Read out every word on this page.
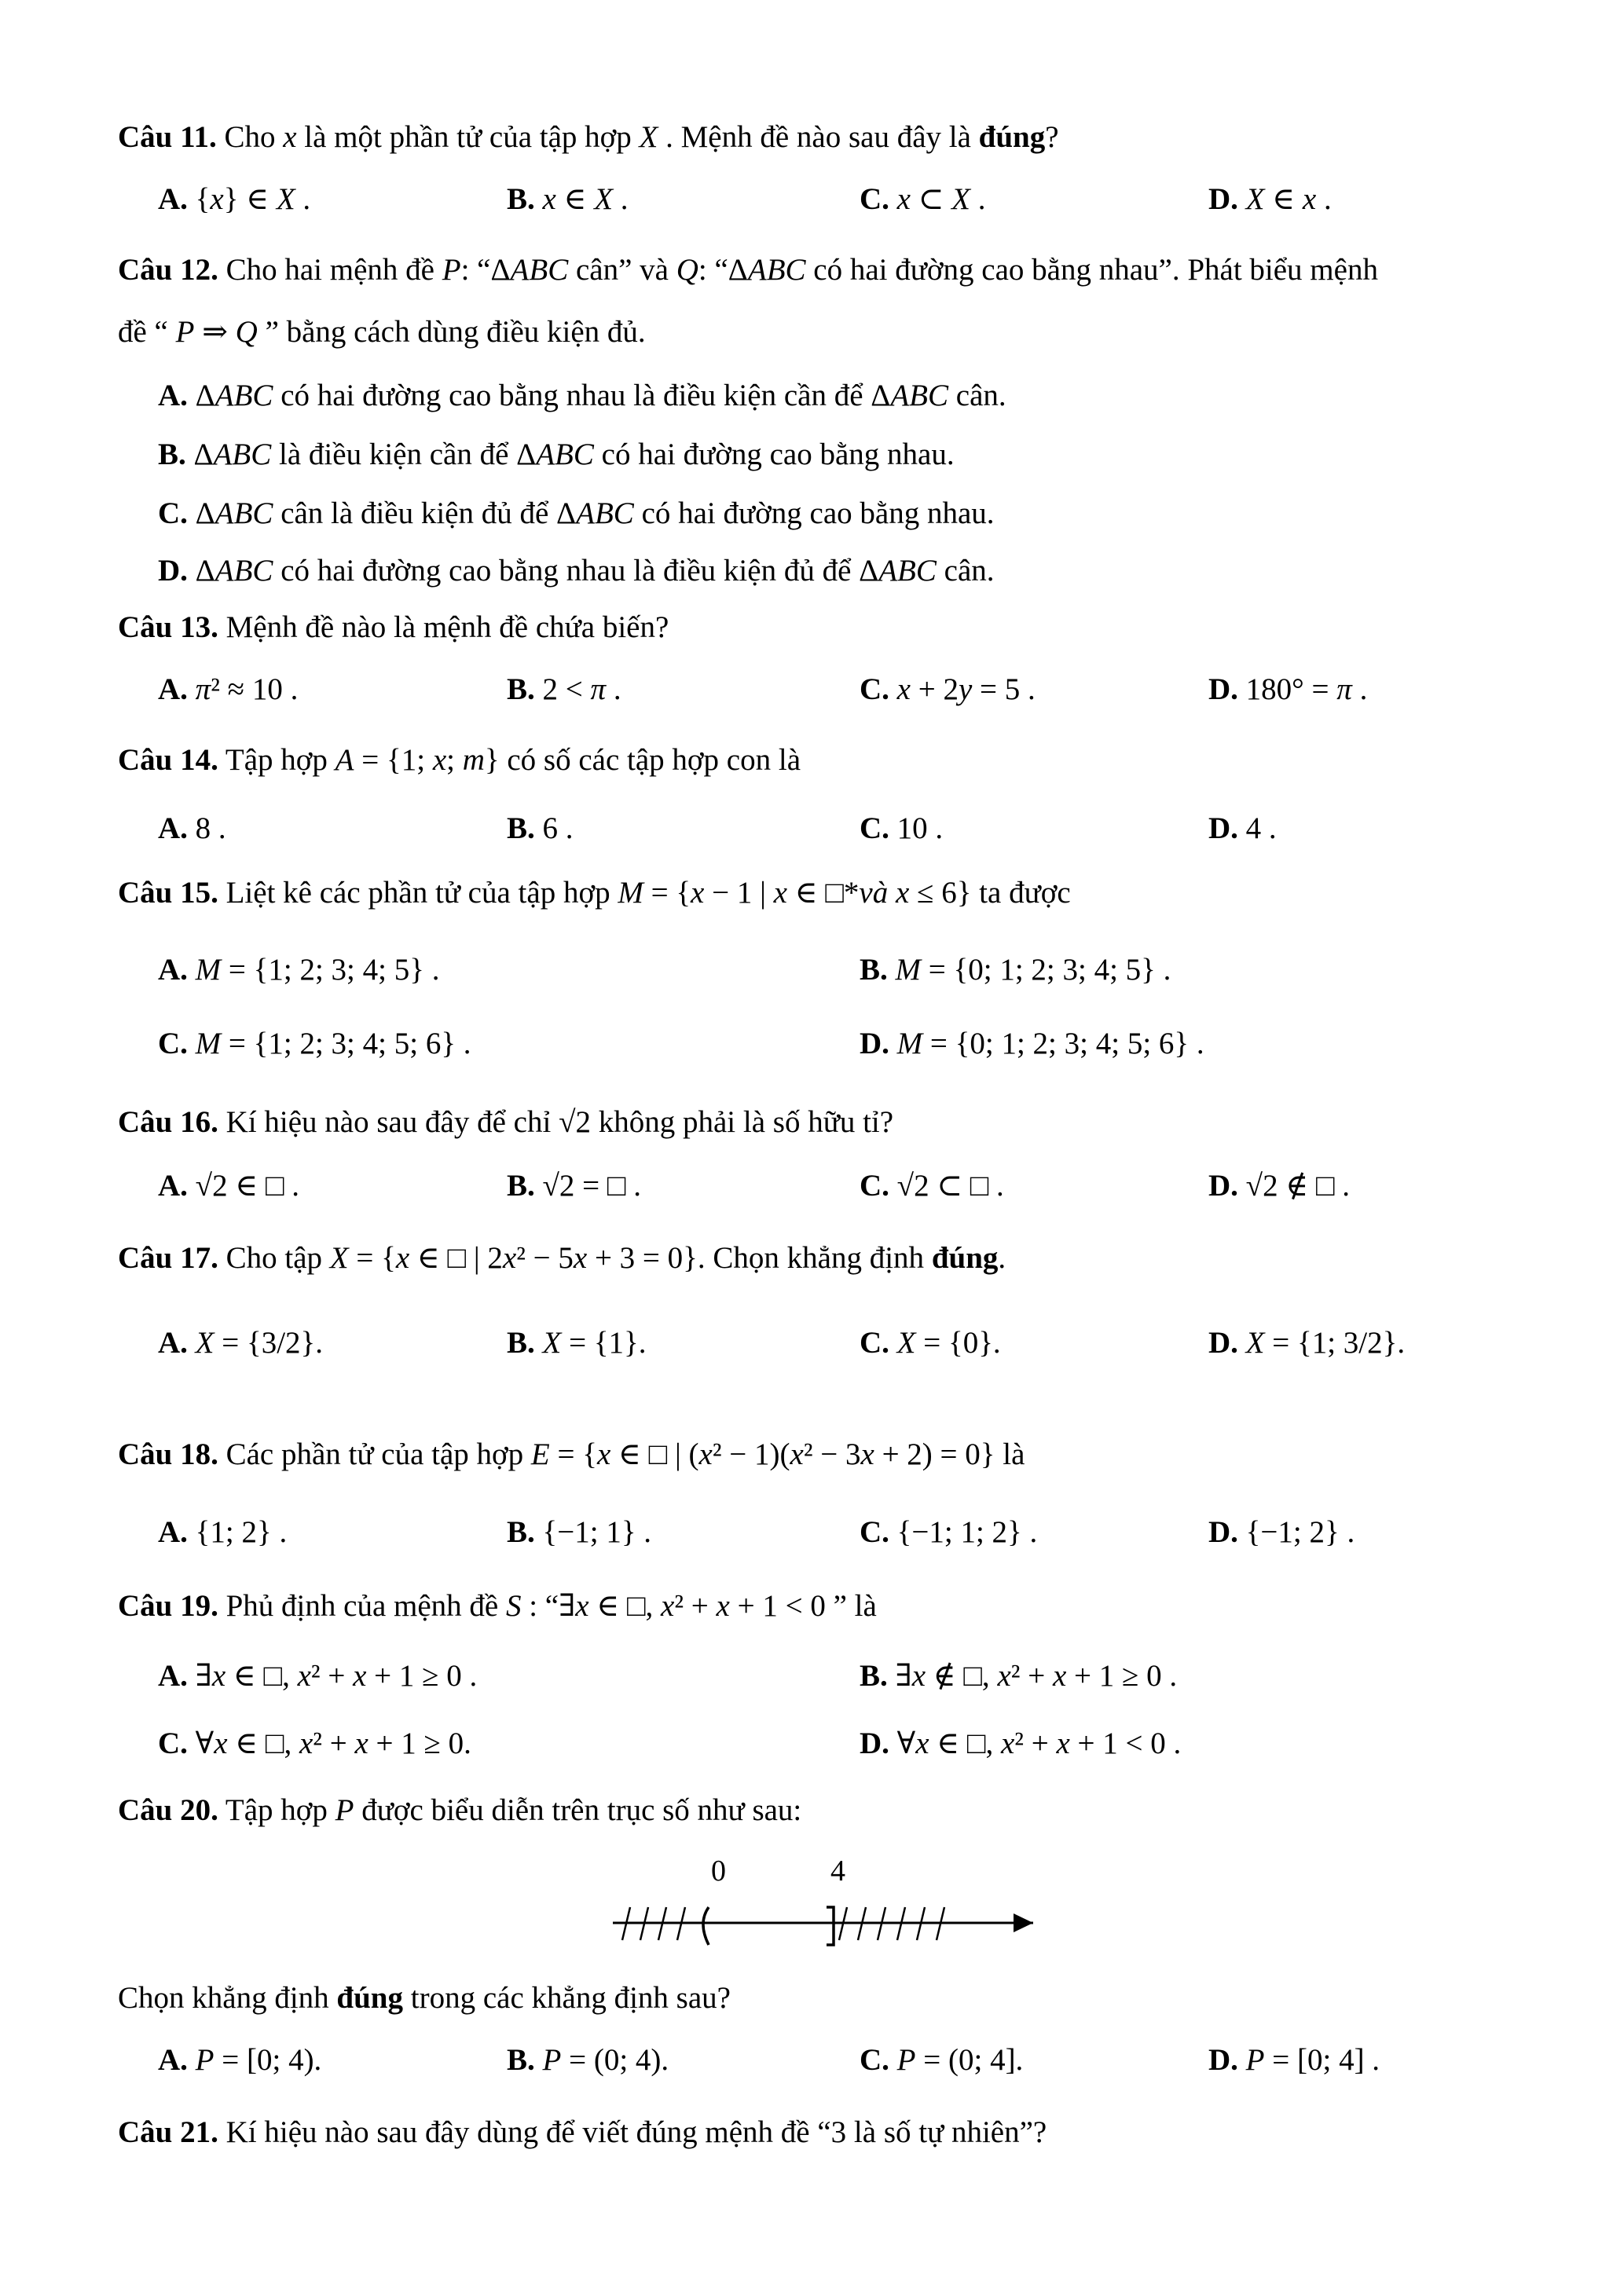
Câu 11. Cho x là một phần tử của tập hợp X . Mệnh đề nào sau đây là đúng?
A. {x} ∈ X .	B. x ∈ X .	C. x ⊂ X .	D. X ∈ x .
Câu 12. Cho hai mệnh đề P: “ΔABC cân” và Q: “ΔABC có hai đường cao bằng nhau”. Phát biểu mệnh
đề “ P ⇒ Q ” bằng cách dùng điều kiện đủ.
A. ΔABC có hai đường cao bằng nhau là điều kiện cần để ΔABC cân.
B. ΔABC là điều kiện cần để ΔABC có hai đường cao bằng nhau.
C. ΔABC cân là điều kiện đủ để ΔABC có hai đường cao bằng nhau.
D. ΔABC có hai đường cao bằng nhau là điều kiện đủ để ΔABC cân.
Câu 13. Mệnh đề nào là mệnh đề chứa biến?
A. π² ≈ 10 .	B. 2 < π .	C. x + 2y = 5 .	D. 180° = π .
Câu 14. Tập hợp A = {1; x; m} có số các tập hợp con là
A. 8 .	B. 6 .	C. 10 .	D. 4 .
Câu 15. Liệt kê các phần tử của tập hợp M = {x − 1 | x ∈ □*và x ≤ 6} ta được
A. M = {1; 2; 3; 4; 5} .	B. M = {0; 1; 2; 3; 4; 5} .
C. M = {1; 2; 3; 4; 5; 6} .	D. M = {0; 1; 2; 3; 4; 5; 6} .
Câu 16. Kí hiệu nào sau đây để chỉ √2 không phải là số hữu tỉ?
A. √2 ∈ □ .	B. √2 = □ .	C. √2 ⊂ □ .	D. √2 ∉ □ .
Câu 17. Cho tập X = {x ∈ □ | 2x² − 5x + 3 = 0}. Chọn khẳng định đúng.
A. X = {3/2}.	B. X = {1}.	C. X = {0}.	D. X = {1; 3/2}.
Câu 18. Các phần tử của tập hợp E = {x ∈ □ | (x² − 1)(x² − 3x + 2) = 0} là
A. {1; 2} .	B. {−1; 1} .	C. {−1; 1; 2} .	D. {−1; 2} .
Câu 19. Phủ định của mệnh đề S : “∃x ∈ □, x² + x + 1 < 0 ” là
A. ∃x ∈ □, x² + x + 1 ≥ 0 .	B. ∃x ∉ □, x² + x + 1 ≥ 0 .
C. ∀x ∈ □, x² + x + 1 ≥ 0.	D. ∀x ∈ □, x² + x + 1 < 0 .
Câu 20. Tập hợp P được biểu diễn trên trục số như sau:
Chọn khẳng định đúng trong các khẳng định sau?
A. P = [0; 4).	B. P = (0; 4).	C. P = (0; 4].	D. P = [0; 4] .
Câu 21. Kí hiệu nào sau đây dùng để viết đúng mệnh đề “3 là số tự nhiên”?
0	4
